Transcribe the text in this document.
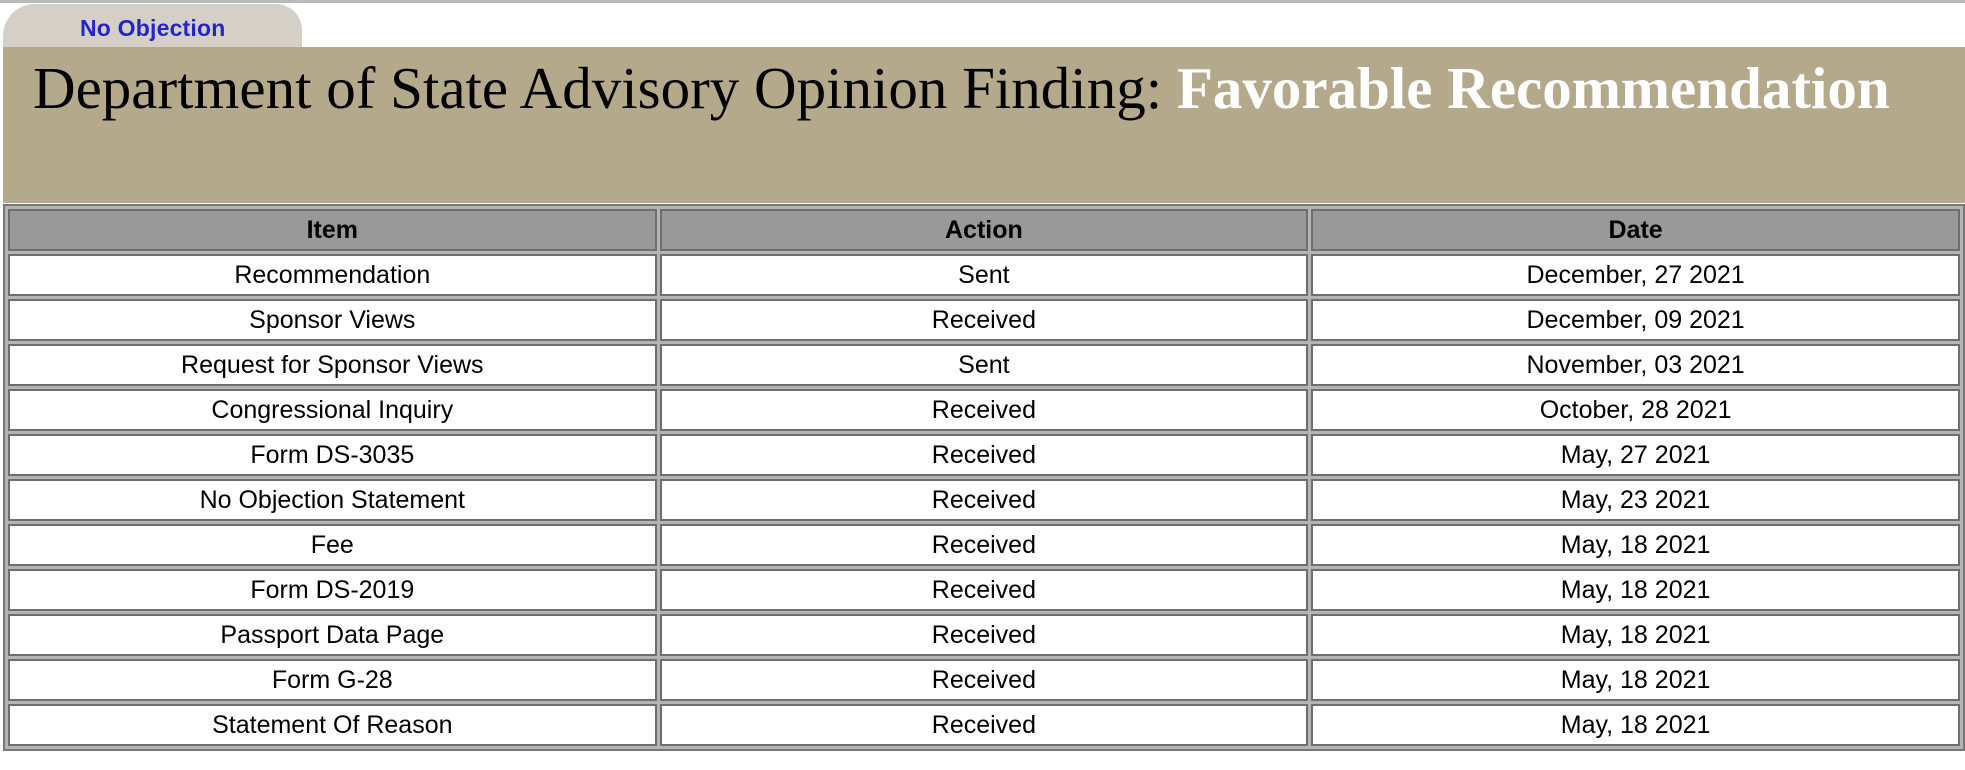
No Objection
Department of State Advisory Opinion Finding: Favorable Recommendation
Item	Action	Date
Recommendation	Sent	December, 27 2021
Sponsor Views	Received	December, 09 2021
Request for Sponsor Views	Sent	November, 03 2021
Congressional Inquiry	Received	October, 28 2021
Form DS-3035	Received	May, 27 2021
No Objection Statement	Received	May, 23 2021
Fee	Received	May, 18 2021
Form DS-2019	Received	May, 18 2021
Passport Data Page	Received	May, 18 2021
Form G-28	Received	May, 18 2021
Statement Of Reason	Received	May, 18 2021
